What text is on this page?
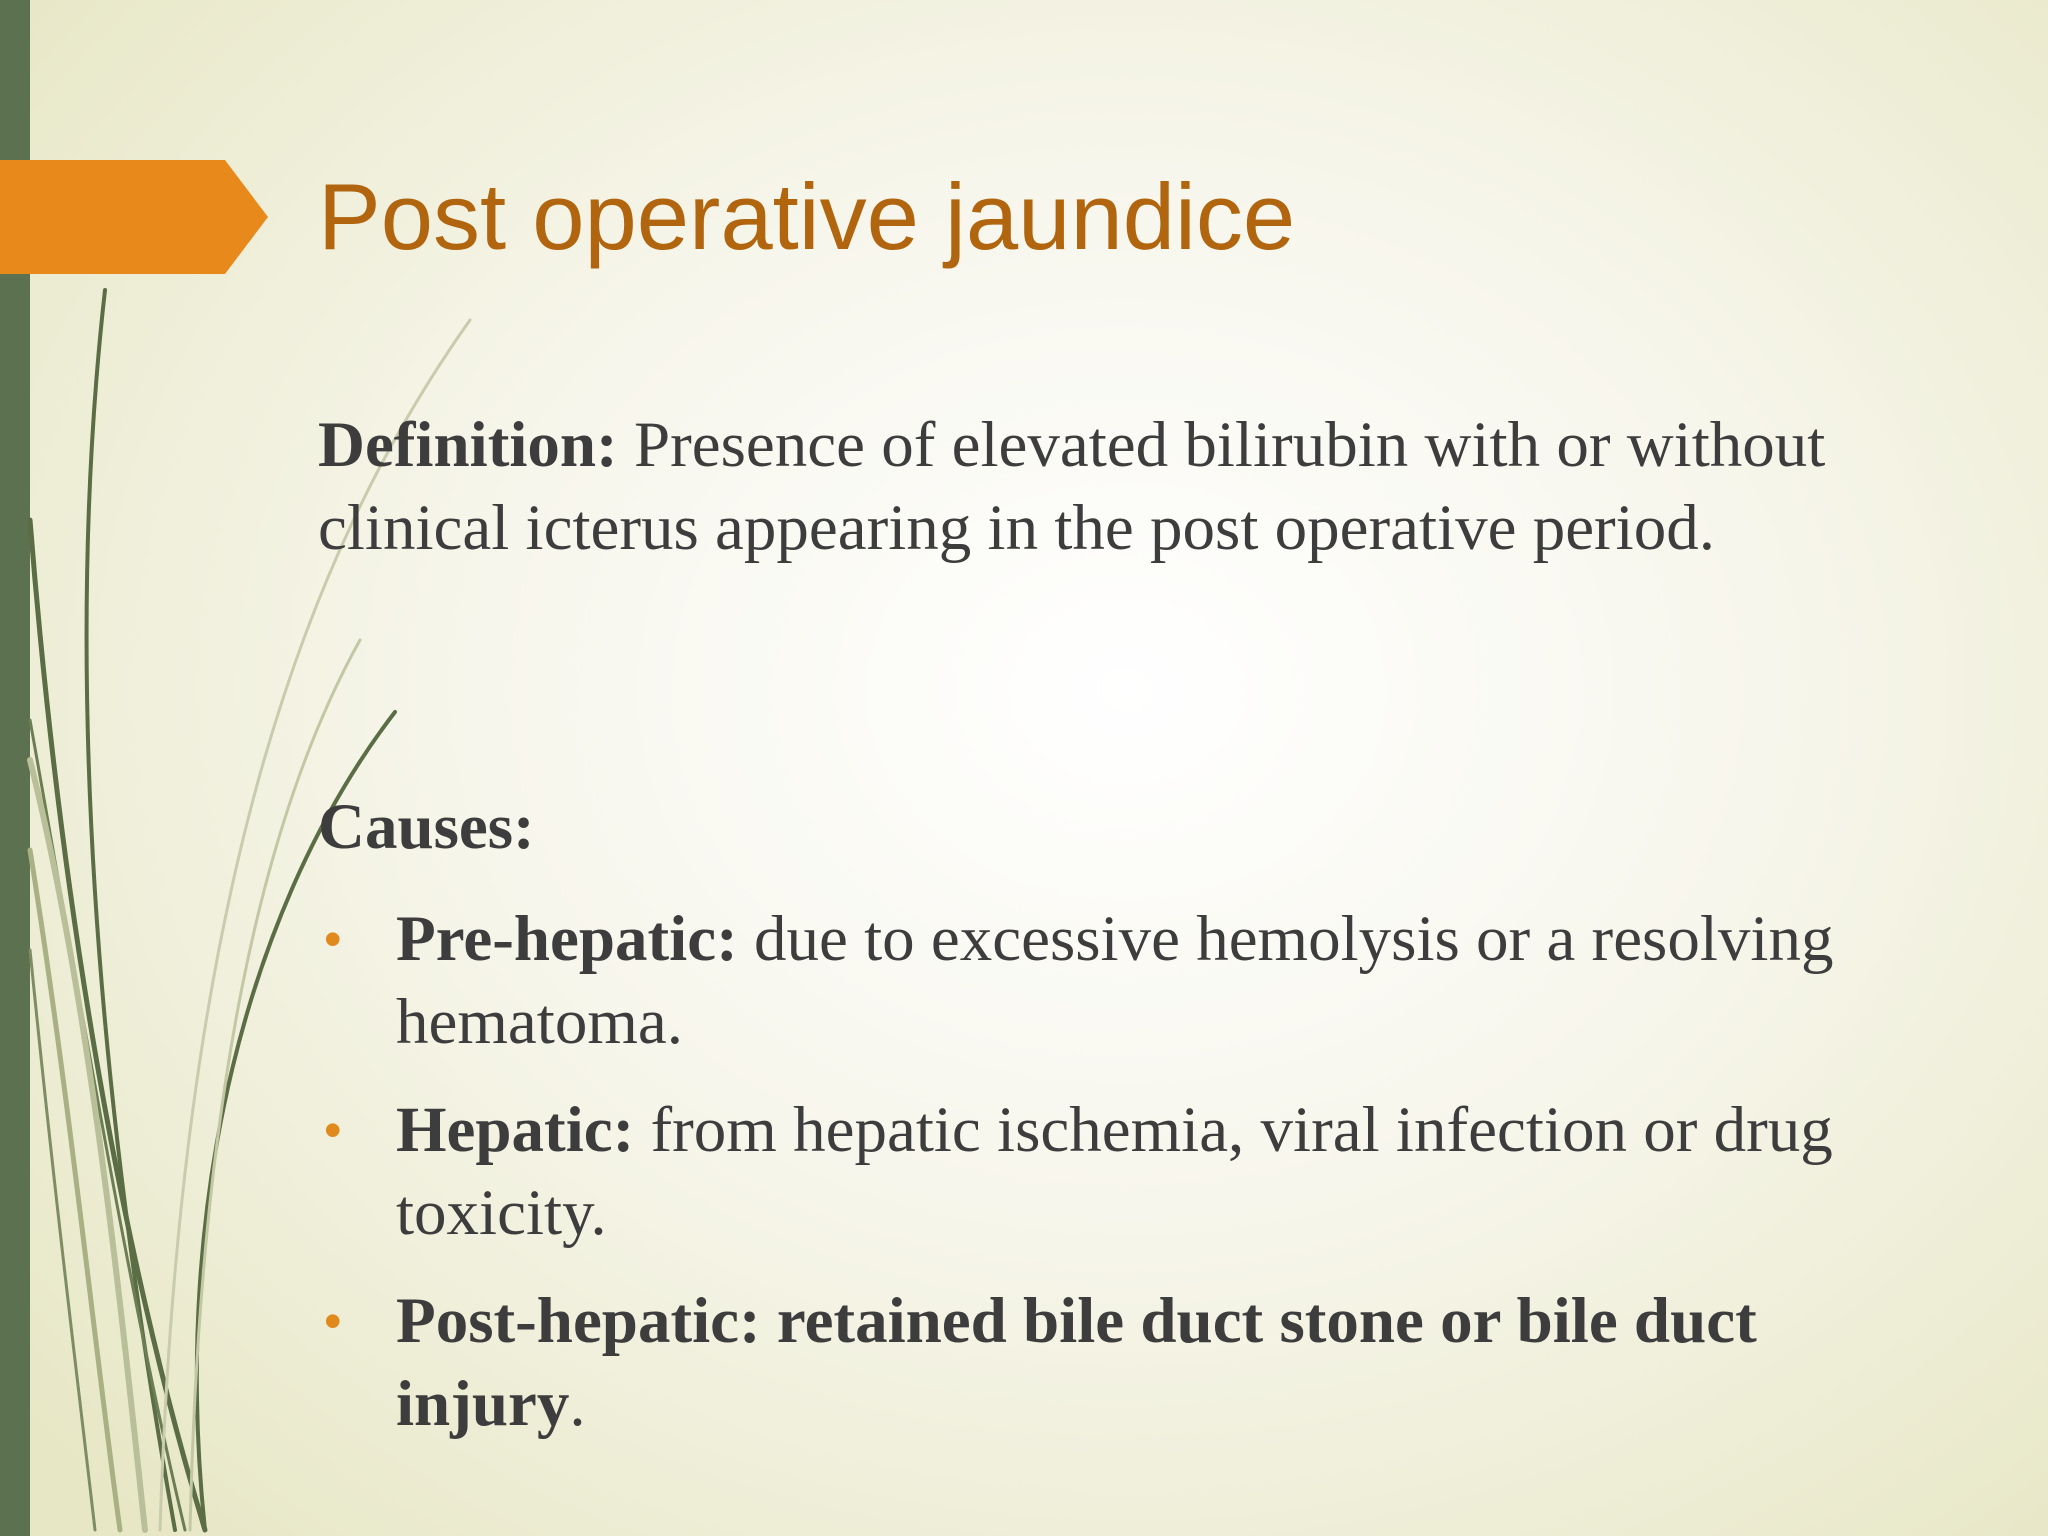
Post operative jaundice

Definition: Presence of elevated bilirubin with or without clinical icterus appearing in the post operative period.

Causes:

• Pre-hepatic: due to excessive hemolysis or a resolving hematoma.
• Hepatic: from hepatic ischemia, viral infection or drug toxicity.
• Post-hepatic: retained bile duct stone or bile duct injury.
